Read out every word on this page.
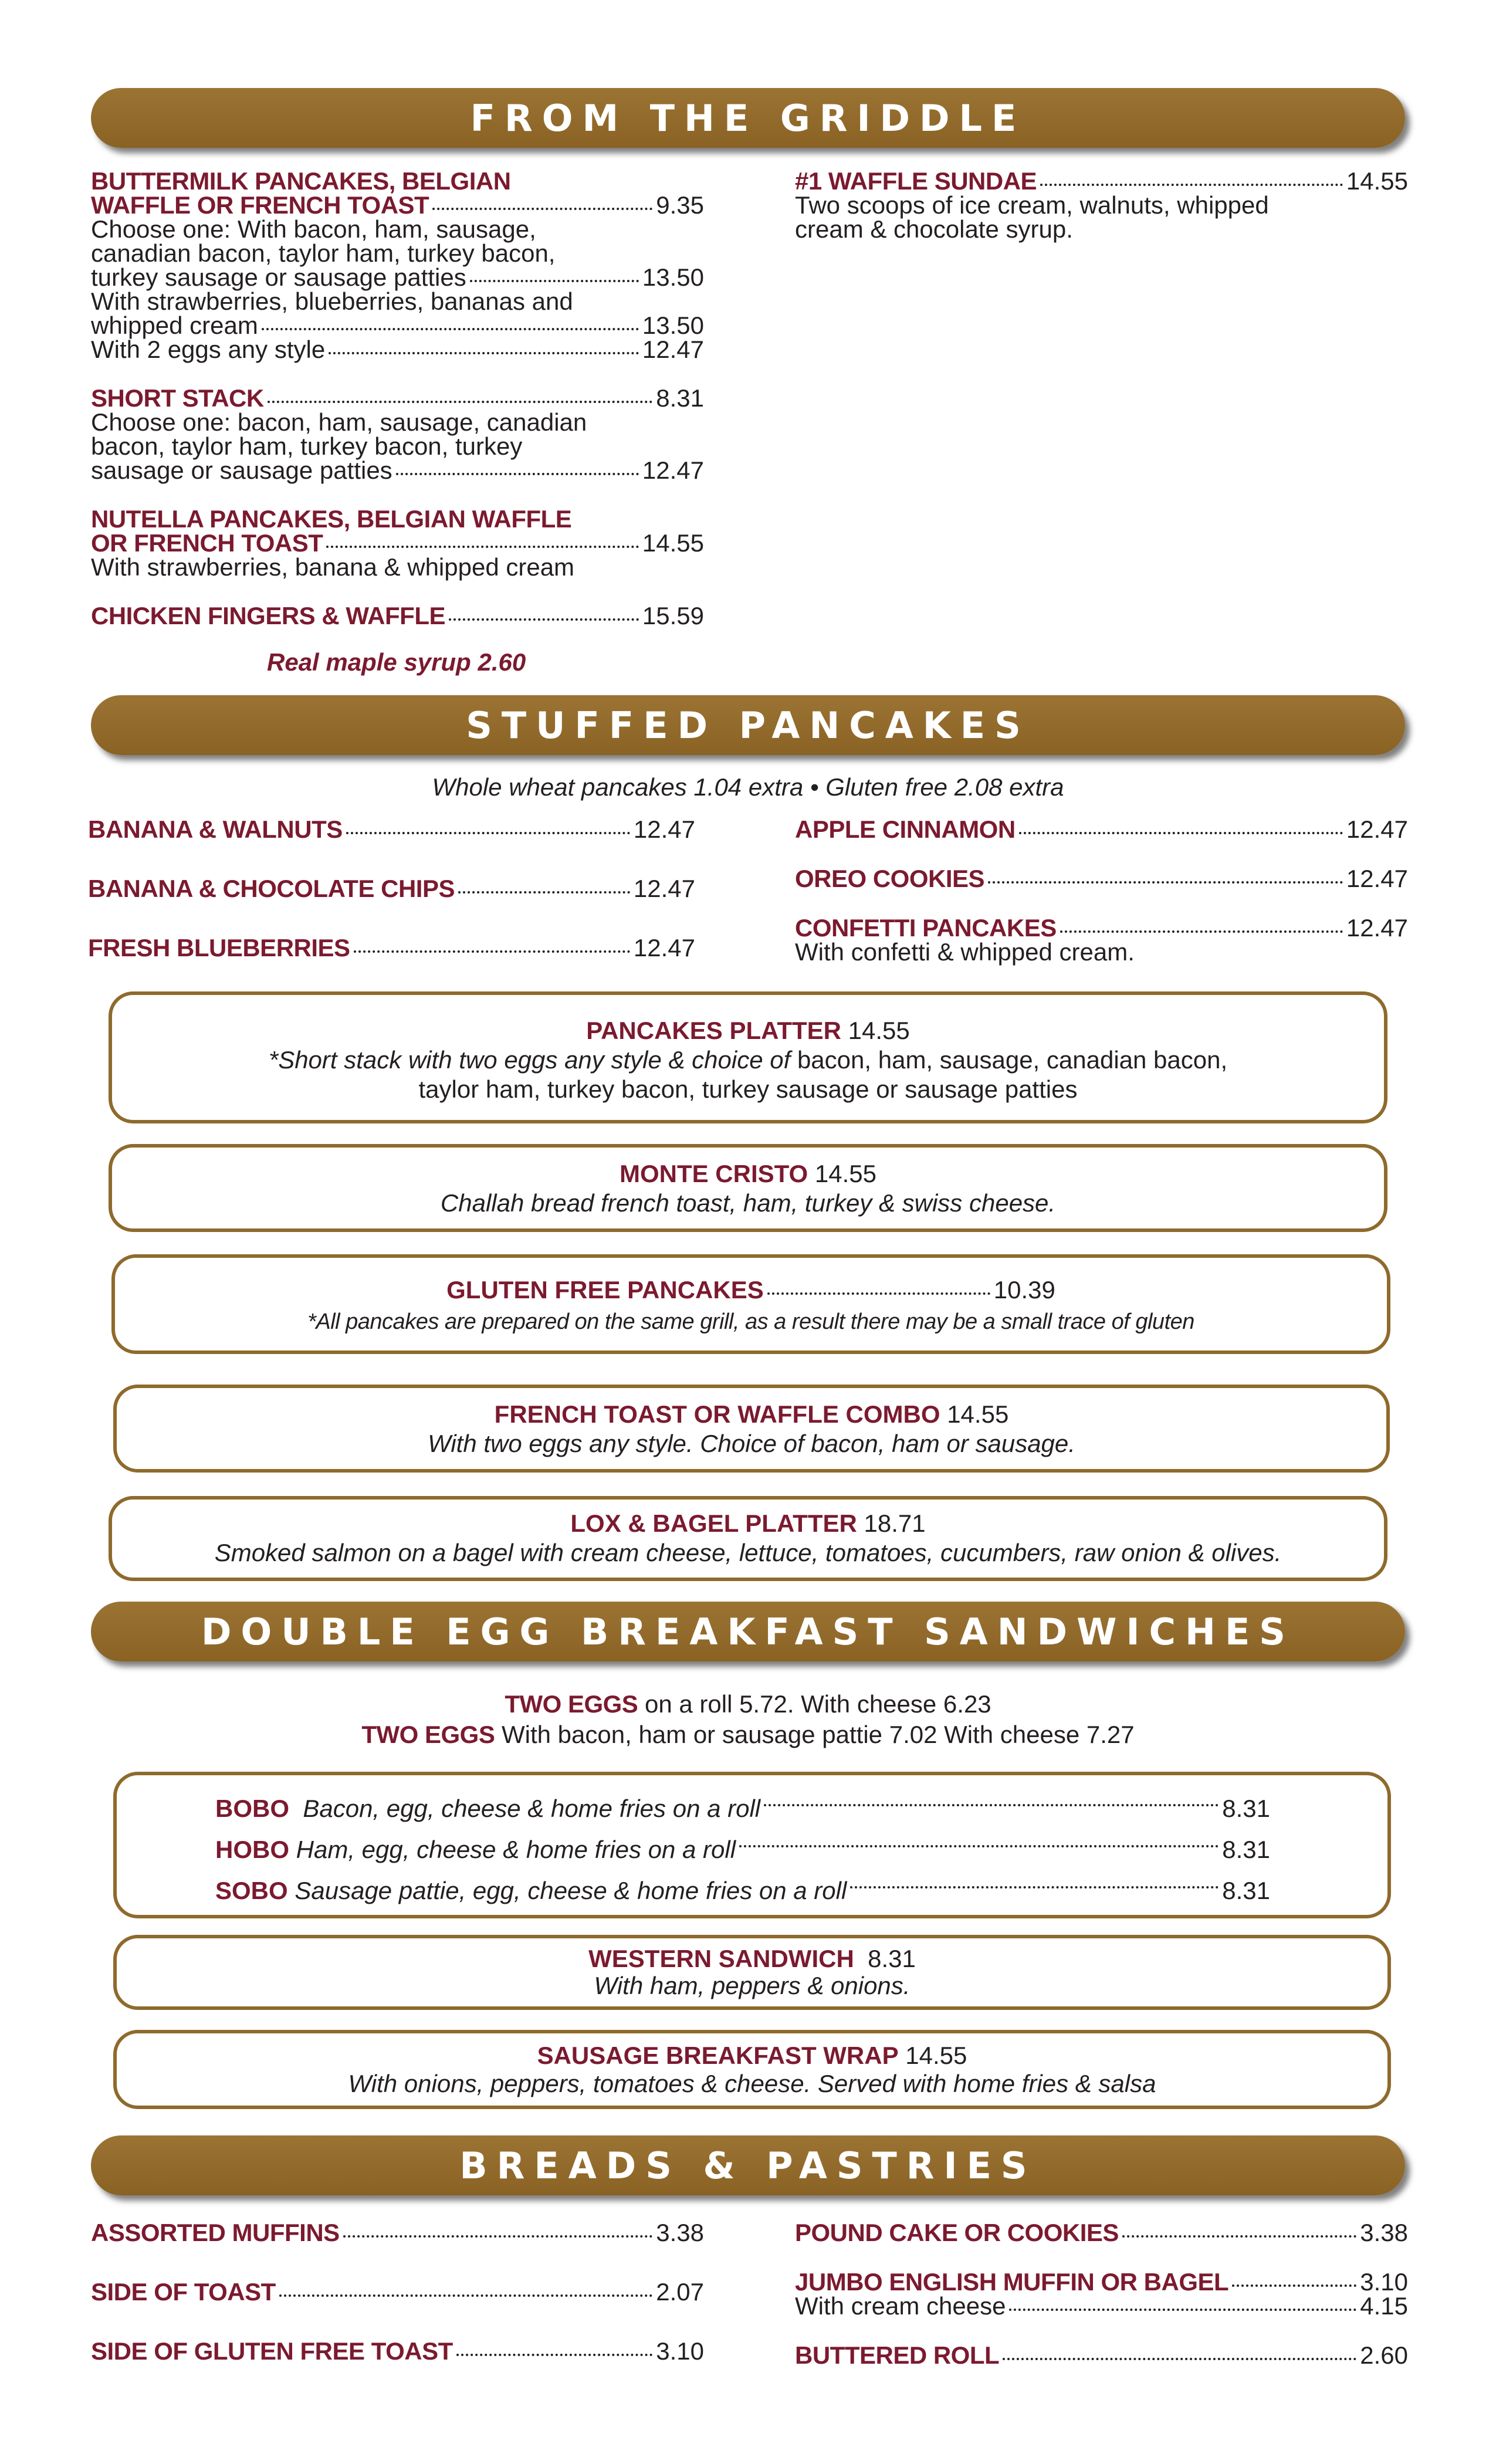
FROM THE GRIDDLE
BUTTERMILK PANCAKES, BELGIAN
WAFFLE OR FRENCH TOAST	9.35
Choose one: With bacon, ham, sausage,
canadian bacon, taylor ham, turkey bacon,
turkey sausage or sausage patties	13.50
With strawberries, blueberries, bananas and
whipped cream	13.50
With 2 eggs any style	12.47
SHORT STACK	8.31
Choose one: bacon, ham, sausage, canadian
bacon, taylor ham, turkey bacon, turkey
sausage or sausage patties	12.47
NUTELLA PANCAKES, BELGIAN WAFFLE
OR FRENCH TOAST	14.55
With strawberries, banana & whipped cream
CHICKEN FINGERS & WAFFLE	15.59
Real maple syrup 2.60
#1 WAFFLE SUNDAE	14.55
Two scoops of ice cream, walnuts, whipped
cream & chocolate syrup.
STUFFED PANCAKES
Whole wheat pancakes 1.04 extra • Gluten free 2.08 extra
BANANA & WALNUTS	12.47
BANANA & CHOCOLATE CHIPS	12.47
FRESH BLUEBERRIES	12.47
APPLE CINNAMON	12.47
OREO COOKIES	12.47
CONFETTI PANCAKES	12.47
With confetti & whipped cream.
PANCAKES PLATTER 14.55
*Short stack with two eggs any style & choice of bacon, ham, sausage, canadian bacon,
taylor ham, turkey bacon, turkey sausage or sausage patties
MONTE CRISTO 14.55
Challah bread french toast, ham, turkey & swiss cheese.
GLUTEN FREE PANCAKES	10.39
*All pancakes are prepared on the same grill, as a result there may be a small trace of gluten
FRENCH TOAST OR WAFFLE COMBO 14.55
With two eggs any style. Choice of bacon, ham or sausage.
LOX & BAGEL PLATTER 18.71
Smoked salmon on a bagel with cream cheese, lettuce, tomatoes, cucumbers, raw onion & olives.
DOUBLE EGG BREAKFAST SANDWICHES
TWO EGGS on a roll 5.72. With cheese 6.23
TWO EGGS With bacon, ham or sausage pattie 7.02 With cheese 7.27
BOBO
Bacon, egg, cheese & home fries on a roll	8.31
HOBO
Ham, egg, cheese & home fries on a roll	8.31
SOBO
Sausage pattie, egg, cheese & home fries on a roll	8.31
WESTERN SANDWICH 8.31
With ham, peppers & onions.
SAUSAGE BREAKFAST WRAP 14.55
With onions, peppers, tomatoes & cheese. Served with home fries & salsa
BREADS & PASTRIES
ASSORTED MUFFINS	3.38
SIDE OF TOAST	2.07
SIDE OF GLUTEN FREE TOAST	3.10
POUND CAKE OR COOKIES	3.38
JUMBO ENGLISH MUFFIN OR BAGEL	3.10
With cream cheese	4.15
BUTTERED ROLL	2.60
